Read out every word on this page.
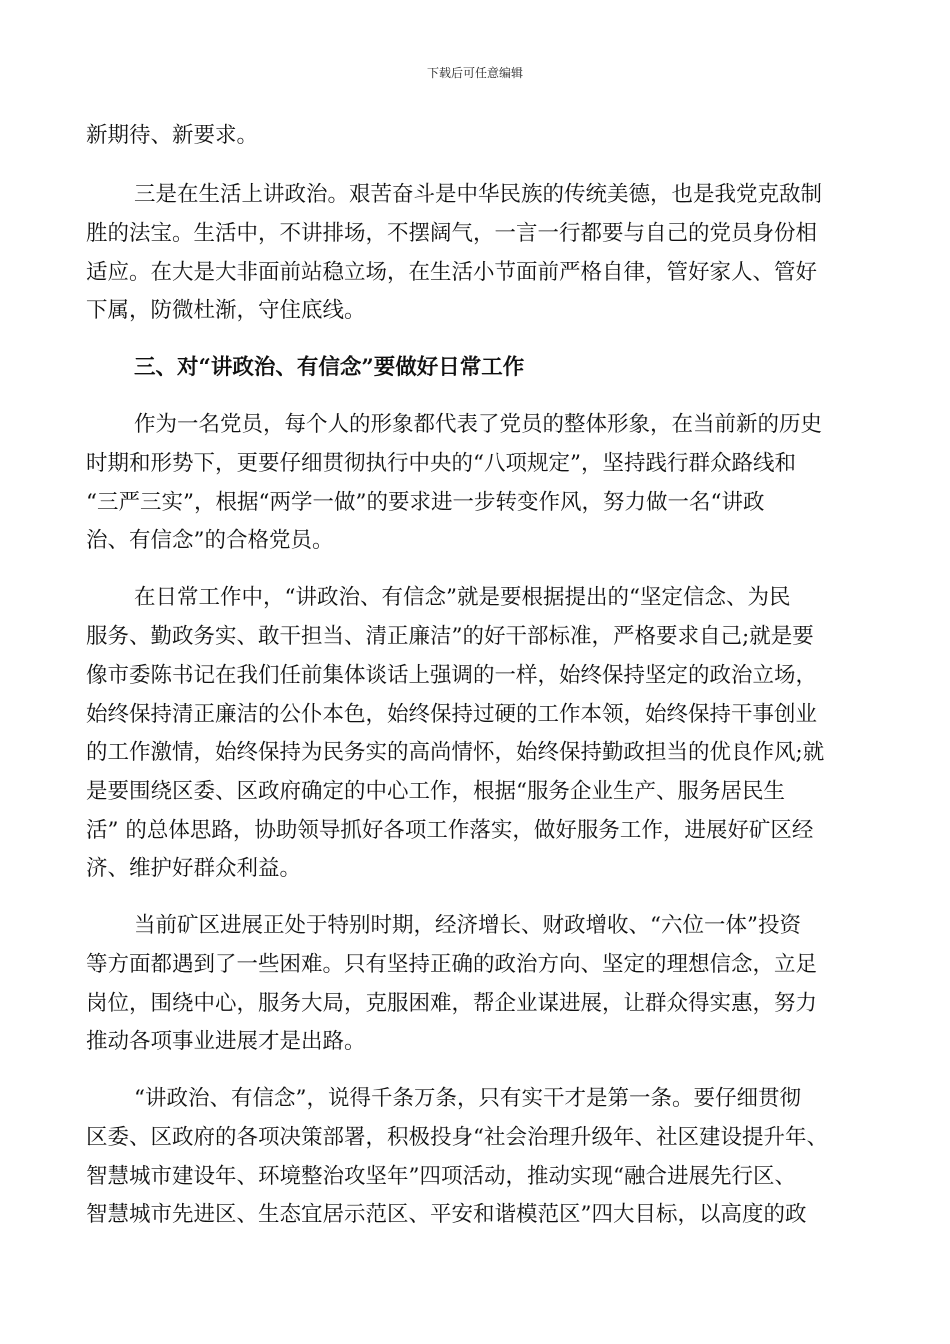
下载后可任意编辑
新期待、新要求。
三是在生活上讲政治。艰苦奋斗是中华民族的传统美德，也是我党克敌制
胜的法宝。生活中，不讲排场，不摆阔气，一言一行都要与自己的党员身份相
适应。在大是大非面前站稳立场，在生活小节面前严格自律，管好家人、管好
下属，防微杜渐，守住底线。
三、对“讲政治、有信念”要做好日常工作
作为一名党员，每个人的形象都代表了党员的整体形象，在当前新的历史
时期和形势下，更要仔细贯彻执行中央的“八项规定”，坚持践行群众路线和
“三严三实”，根据“两学一做”的要求进一步转变作风，努力做一名“讲政
治、有信念”的合格党员。
在日常工作中，“讲政治、有信念”就是要根据提出的“坚定信念、为民
服务、勤政务实、敢干担当、清正廉洁”的好干部标准，严格要求自己;就是要
像市委陈书记在我们任前集体谈话上强调的一样，始终保持坚定的政治立场，
始终保持清正廉洁的公仆本色，始终保持过硬的工作本领，始终保持干事创业
的工作激情，始终保持为民务实的高尚情怀，始终保持勤政担当的优良作风;就
是要围绕区委、区政府确定的中心工作，根据“服务企业生产、服务居民生
活” 的总体思路，协助领导抓好各项工作落实，做好服务工作，进展好矿区经
济、维护好群众利益。
当前矿区进展正处于特别时期，经济增长、财政增收、“六位一体”投资
等方面都遇到了一些困难。只有坚持正确的政治方向、坚定的理想信念，立足
岗位，围绕中心，服务大局，克服困难，帮企业谋进展，让群众得实惠，努力
推动各项事业进展才是出路。
“讲政治、有信念”，说得千条万条，只有实干才是第一条。要仔细贯彻
区委、区政府的各项决策部署，积极投身“社会治理升级年、社区建设提升年、
智慧城市建设年、环境整治攻坚年”四项活动，推动实现“融合进展先行区、
智慧城市先进区、生态宜居示范区、平安和谐模范区”四大目标，以高度的政
